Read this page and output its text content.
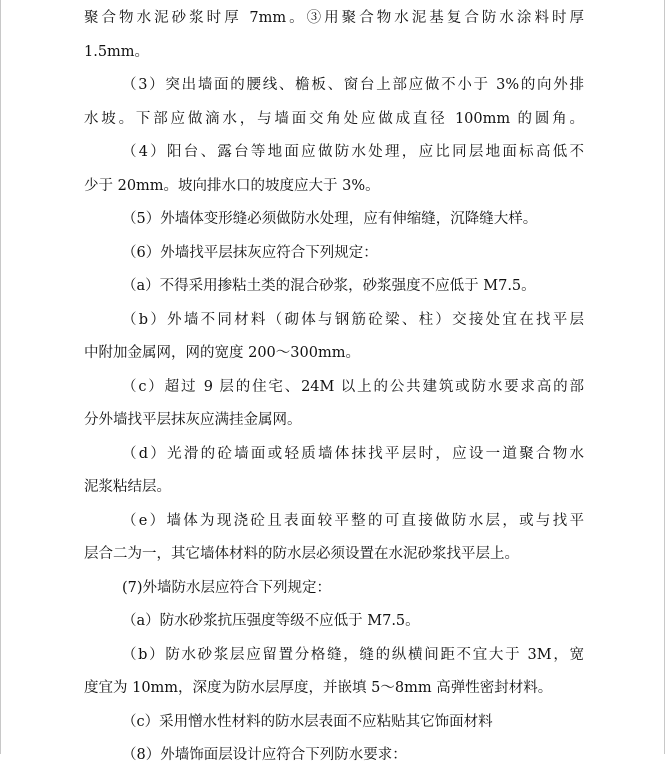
聚合物水泥砂浆时厚 7mm。③用聚合物水泥基复合防水涂料时厚
1.5mm。
（3）突出墙面的腰线、檐板、窗台上部应做不小于 3%的向外排
水坡。下部应做滴水，与墙面交角处应做成直径 100mm 的圆角。
（4）阳台、露台等地面应做防水处理，应比同层地面标高低不
少于 20mm。坡向排水口的坡度应大于 3%。
（5）外墙体变形缝必须做防水处理，应有伸缩缝，沉降缝大样。
（6）外墙找平层抹灰应符合下列规定：
（a）不得采用掺粘土类的混合砂浆，砂浆强度不应低于 M7.5。
（b）外墙不同材料（砌体与钢筋砼梁、柱）交接处宜在找平层
中附加金属网，网的宽度 200～300mm。
（c）超过 9 层的住宅、24M 以上的公共建筑或防水要求高的部
分外墙找平层抹灰应满挂金属网。
（d）光滑的砼墙面或轻质墙体抹找平层时，应设一道聚合物水
泥浆粘结层。
（e）墙体为现浇砼且表面较平整的可直接做防水层，或与找平
层合二为一，其它墙体材料的防水层必须设置在水泥砂浆找平层上。
(7)外墙防水层应符合下列规定：
（a）防水砂浆抗压强度等级不应低于 M7.5。
（b）防水砂浆层应留置分格缝，缝的纵横间距不宜大于 3M，宽
度宜为 10mm，深度为防水层厚度，并嵌填 5～8mm 高弹性密封材料。
（c）采用憎水性材料的防水层表面不应粘贴其它饰面材料
（8）外墙饰面层设计应符合下列防水要求：
